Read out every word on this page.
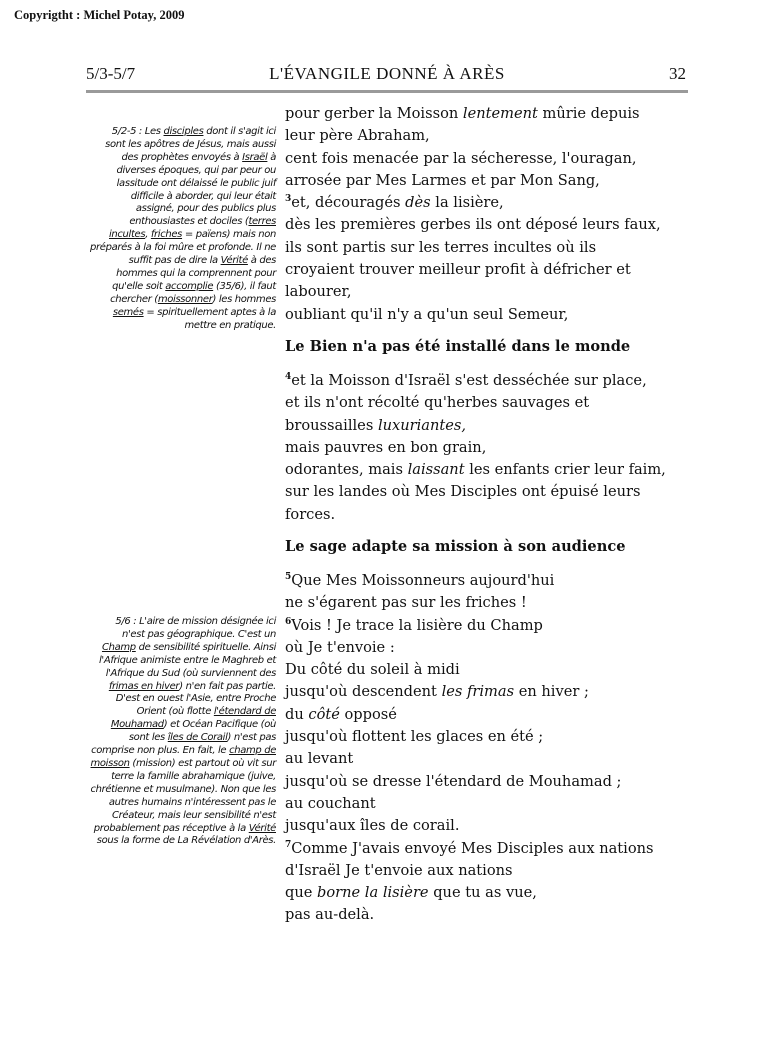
Copyrigtht : Michel Potay, 2009
5/3-5/7	L'ÉVANGILE DONNÉ À ARÈS	32
5/2-5 : Les disciples dont il s'agit ici sont les apôtres de Jésus, mais aussi des prophètes envoyés à Israël à diverses époques, qui par peur ou lassitude ont délaissé le public juif difficile à aborder, qui leur était assigné, pour des publics plus enthousiastes et dociles (terres incultes, friches = païens) mais non préparés à la foi mûre et profonde. Il ne suffit pas de dire la Vérité à des hommes qui la comprennent pour qu'elle soit accomplie (35/6), il faut chercher (moissonner) les hommes semés = spirituellement aptes à la mettre en pratique.
5/6 : L'aire de mission désignée ici n'est pas géographique. C'est un Champ de sensibilité spirituelle. Ainsi l'Afrique animiste entre le Maghreb et l'Afrique du Sud (où surviennent des frimas en hiver) n'en fait pas partie. D'est en ouest l'Asie, entre Proche Orient (où flotte l'étendard de Mouhamad) et Océan Pacifique (où sont les îles de Corail) n'est pas comprise non plus. En fait, le champ de moisson (mission) est partout où vit sur terre la famille abrahamique (juive, chrétienne et musulmane). Non que les autres humains n'intéressent pas le Créateur, mais leur sensibilité n'est probablement pas réceptive à la Vérité sous la forme de La Révélation d'Arès.
pour gerber la Moisson lentement mûrie depuis
leur père Abraham,
cent fois menacée par la sécheresse, l'ouragan,
arrosée par Mes Larmes et par Mon Sang,
$^3$et, découragés dès la lisière,
dès les premières gerbes ils ont déposé leurs faux,
ils sont partis sur les terres incultes où ils
croyaient trouver meilleur profit à défricher et
labourer,
oubliant qu'il n'y a qu'un seul Semeur,
Le Bien n'a pas été installé dans le monde
$^4$et la Moisson d'Israël s'est desséchée sur place,
et ils n'ont récolté qu'herbes sauvages et
broussailles luxuriantes,
mais pauvres en bon grain,
odorantes, mais laissant les enfants crier leur faim,
sur les landes où Mes Disciples ont épuisé leurs
forces.
Le sage adapte sa mission à son audience
$^5$Que Mes Moissonneurs aujourd'hui
ne s'égarent pas sur les friches !
$^6$Vois ! Je trace la lisière du Champ
où Je t'envoie :
Du côté du soleil à midi
jusqu'où descendent les frimas en hiver ;
du côté opposé
jusqu'où flottent les glaces en été ;
au levant
jusqu'où se dresse l'étendard de Mouhamad ;
au couchant
jusqu'aux îles de corail.
$^7$Comme J'avais envoyé Mes Disciples aux nations
d'Israël Je t'envoie aux nations
que borne la lisière que tu as vue,
pas au-delà.
